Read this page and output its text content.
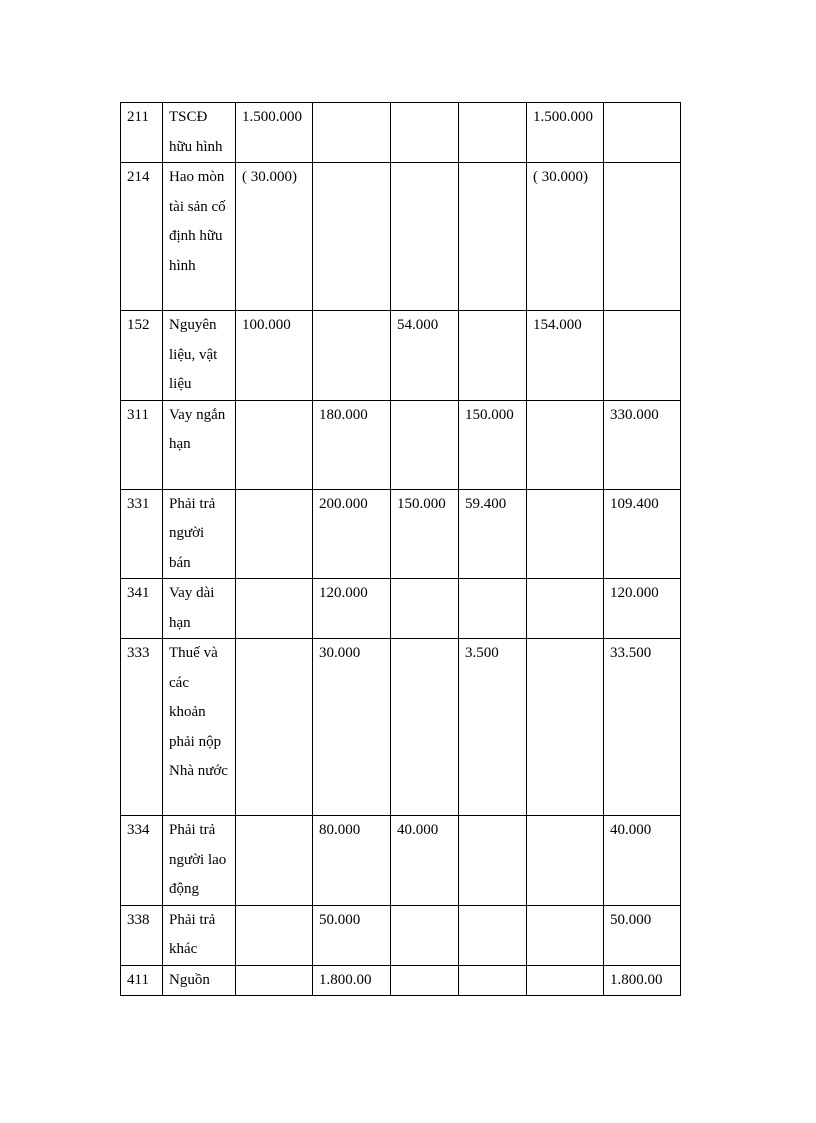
211	TSCĐ hữu hình	1.500.000				1.500.000	
214	Hao mòn tài sản cố định hữu hình	( 30.000)				( 30.000)	
152	Nguyên liệu, vật liệu	100.000		54.000		154.000	
311	Vay ngắn hạn		180.000		150.000		330.000
331	Phải trả người bán		200.000	150.000	59.400		109.400
341	Vay dài hạn		120.000				120.000
333	Thuế và các khoản phải nộp Nhà nước		30.000		3.500		33.500
334	Phải trả người lao động		80.000	40.000			40.000
338	Phải trả khác		50.000				50.000
411	Nguồn		1.800.00				1.800.00
